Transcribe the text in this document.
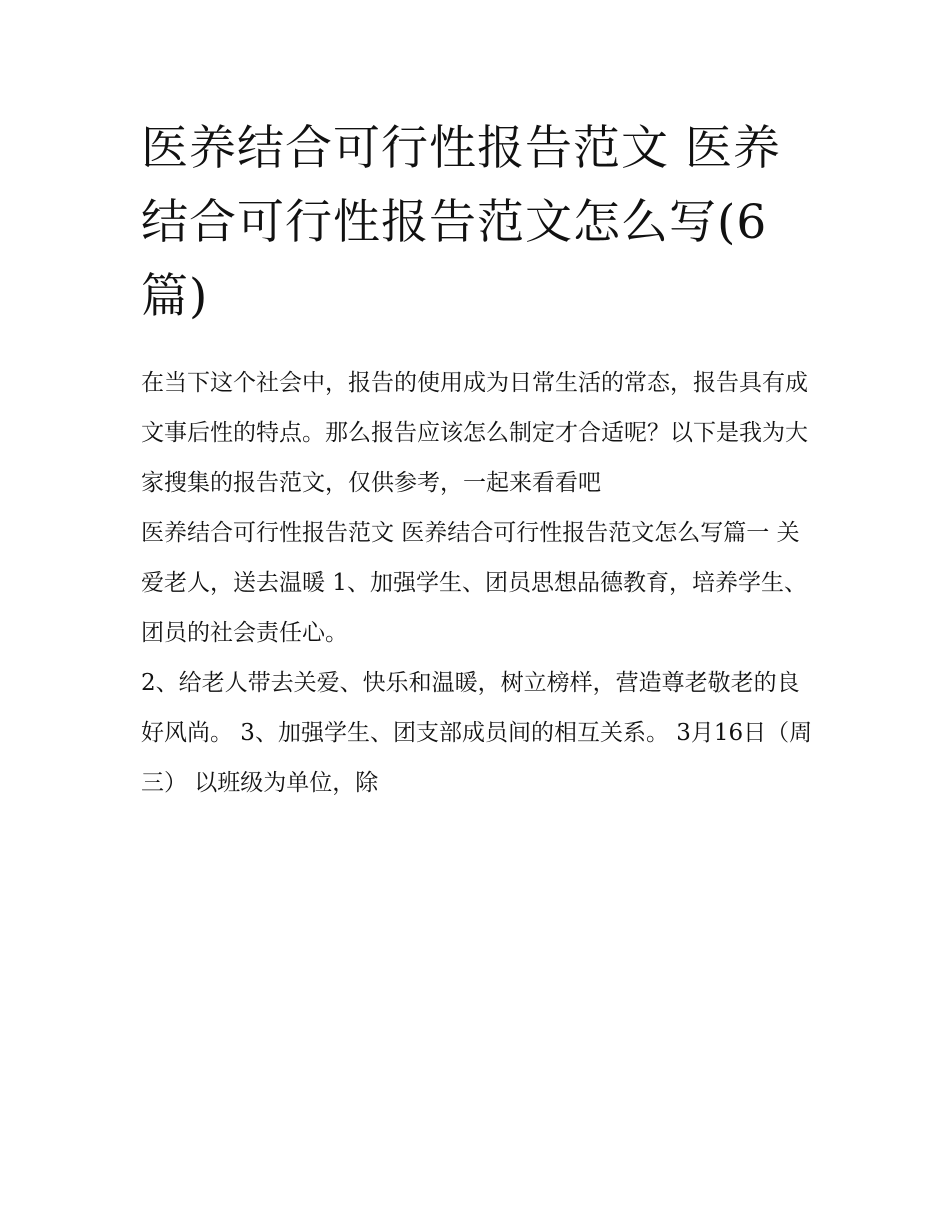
医养结合可行性报告范文 医养结合可行性报告范文怎么写(6篇)

在当下这个社会中，报告的使用成为日常生活的常态，报告具有成文事后性的特点。那么报告应该怎么制定才合适呢？以下是我为大家搜集的报告范文，仅供参考，一起来看看吧

医养结合可行性报告范文 医养结合可行性报告范文怎么写篇一 关爱老人，送去温暖 1、加强学生、团员思想品德教育，培养学生、团员的社会责任心。

2、给老人带去关爱、快乐和温暖，树立榜样，营造尊老敬老的良好风尚。 3、加强学生、团支部成员间的相互关系。 3月16日（周三） 以班级为单位，除
